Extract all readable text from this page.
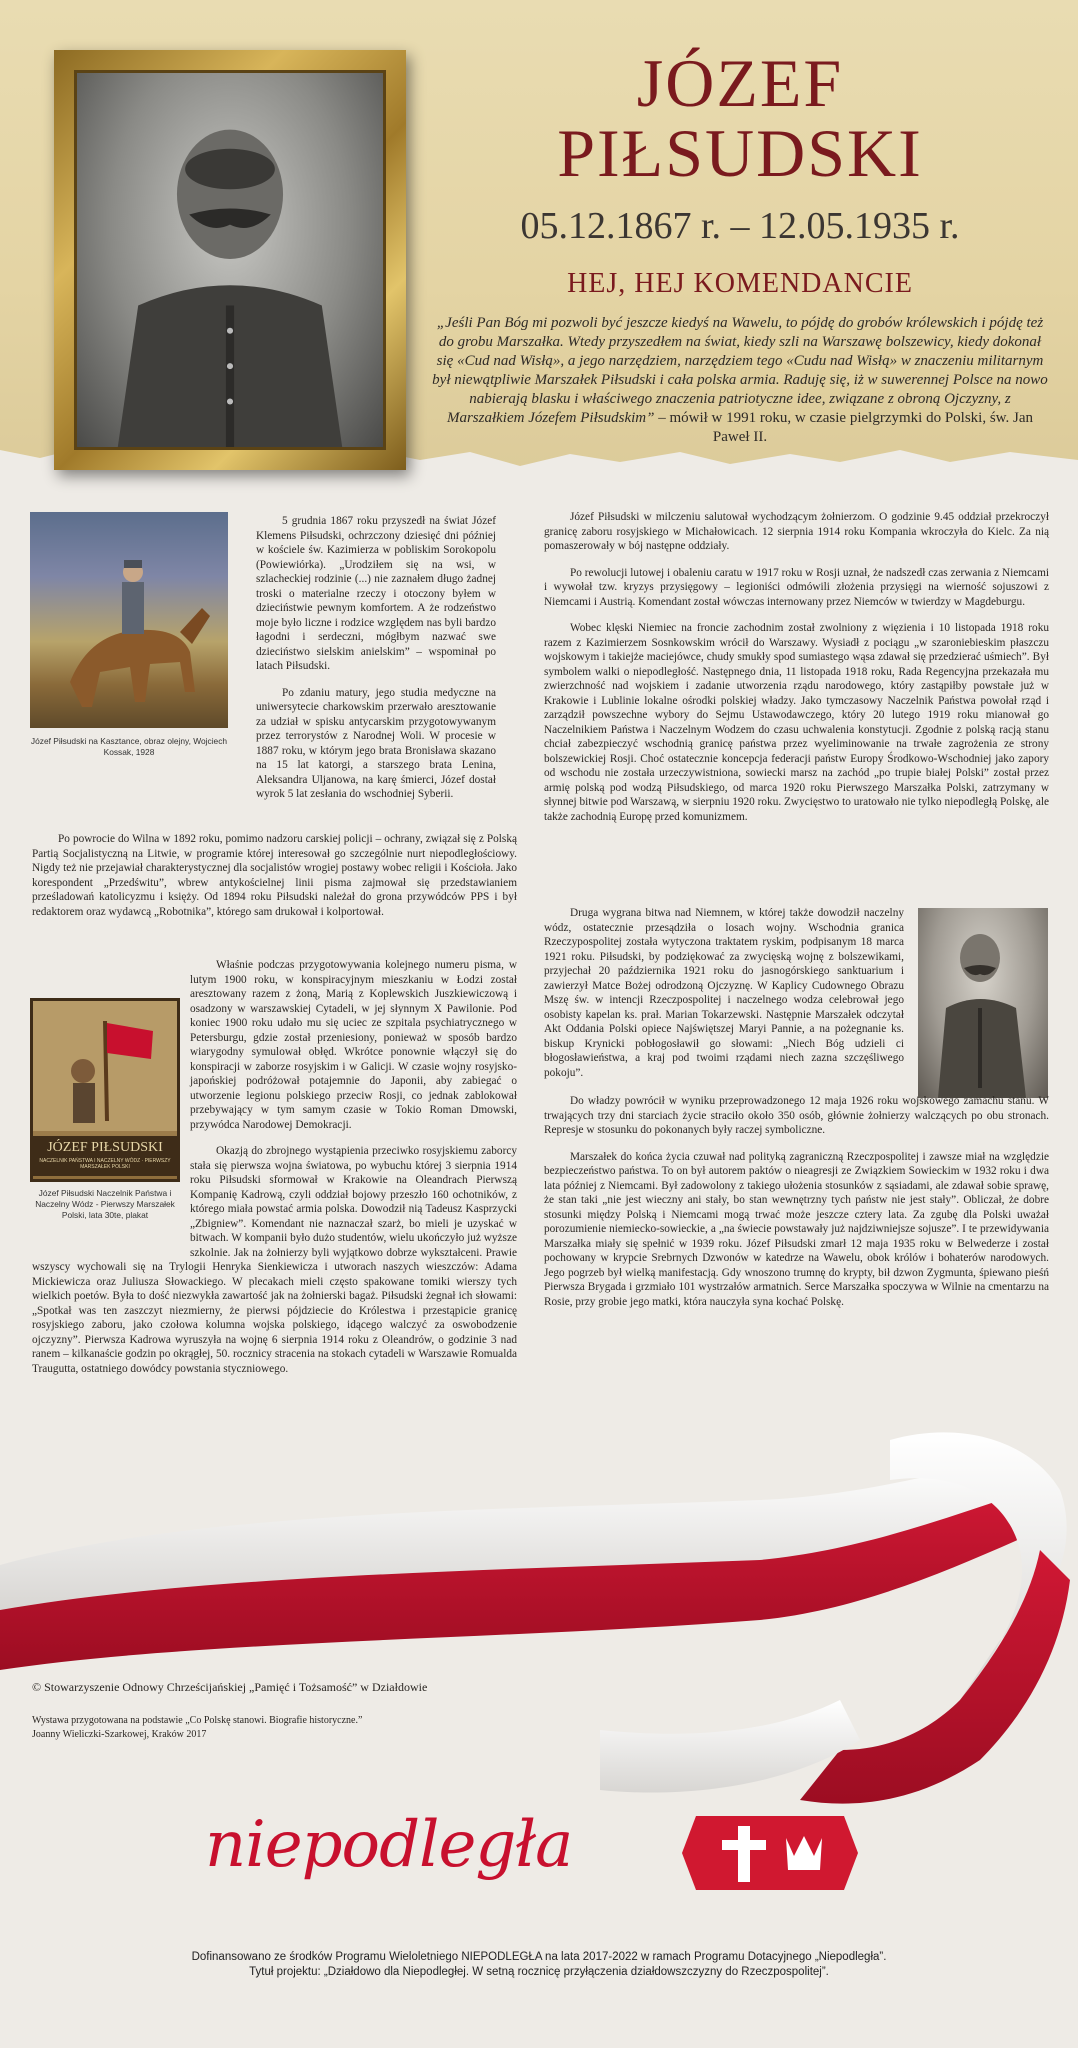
JÓZEF
PIŁSUDSKI
05.12.1867 r. – 12.05.1935 r.
HEJ, HEJ KOMENDANCIE
„Jeśli Pan Bóg mi pozwoli być jeszcze kiedyś na Wawelu, to pójdę do grobów królewskich i pójdę też do grobu Marszałka. Wtedy przyszedłem na świat, kiedy szli na Warszawę bolszewicy, kiedy dokonał się «Cud nad Wisłą», a jego narzędziem, narzędziem tego «Cudu nad Wisłą» w znaczeniu militarnym był niewątpliwie Marszałek Piłsudski i cała polska armia. Raduję się, iż w suwerennej Polsce na nowo nabierają blasku i właściwego znaczenia patriotyczne idee, związane z obroną Ojczyzny, z Marszałkiem Józefem Piłsudskim” – mówił w 1991 roku, w czasie pielgrzymki do Polski, św. Jan Paweł II.
Józef Piłsudski na Kasztance, obraz olejny, Wojciech Kossak, 1928

5 grudnia 1867 roku przyszedł na świat Józef Klemens Piłsudski, ochrzczony dziesięć dni później w kościele św. Kazimierza w pobliskim Sorokopolu (Powiewiórka). „Urodziłem się na wsi, w szlacheckiej rodzinie (...) nie zaznałem długo żadnej troski o materialne rzeczy i otoczony byłem w dzieciństwie pewnym komfortem. A że rodzeństwo moje było liczne i rodzice względem nas byli bardzo łagodni i serdeczni, mógłbym nazwać swe dzieciństwo sielskim anielskim” – wspominał po latach Piłsudski.

Po zdaniu matury, jego studia medyczne na uniwersytecie charkowskim przerwało aresztowanie za udział w spisku antycarskim przygotowywanym przez terrorystów z Narodnej Woli. W procesie w 1887 roku, w którym jego brata Bronisława skazano na 15 lat katorgi, a starszego brata Lenina, Aleksandra Uljanowa, na karę śmierci, Józef dostał wyrok 5 lat zesłania do wschodniej Syberii.

Po powrocie do Wilna w 1892 roku, pomimo nadzoru carskiej policji – ochrany, związał się z Polską Partią Socjalistyczną na Litwie, w programie której interesował go szczególnie nurt niepodległościowy. Nigdy też nie przejawiał charakterystycznej dla socjalistów wrogiej postawy wobec religii i Kościoła. Jako korespondent „Przedświtu”, wbrew antykościelnej linii pisma zajmował się przedstawianiem prześladowań katolicyzmu i księży. Od 1894 roku Piłsudski należał do grona przywódców PPS i był redaktorem oraz wydawcą „Robotnika”, którego sam drukował i kolportował.

JÓZEF PIŁSUDSKI
NACZELNIK PAŃSTWA I NACZELNY WÓDZ · PIERWSZY MARSZAŁEK POLSKI
Józef Piłsudski Naczelnik Państwa i Naczelny Wódz - Pierwszy Marszałek Polski, lata 30te, plakat

Właśnie podczas przygotowywania kolejnego numeru pisma, w lutym 1900 roku, w konspiracyjnym mieszkaniu w Łodzi został aresztowany razem z żoną, Marią z Koplewskich Juszkiewiczową i osadzony w warszawskiej Cytadeli, w jej słynnym X Pawilonie. Pod koniec 1900 roku udało mu się uciec ze szpitala psychiatrycznego w Petersburgu, gdzie został przeniesiony, ponieważ w sposób bardzo wiarygodny symulował obłęd. Wkrótce ponownie włączył się do konspiracji w zaborze rosyjskim i w Galicji. W czasie wojny rosyjsko-japońskiej podróżował potajemnie do Japonii, aby zabiegać o utworzenie legionu polskiego przeciw Rosji, co jednak zablokował przebywający w tym samym czasie w Tokio Roman Dmowski, przywódca Narodowej Demokracji.

Okazją do zbrojnego wystąpienia przeciwko rosyjskiemu zaborcy stała się pierwsza wojna światowa, po wybuchu której 3 sierpnia 1914 roku Piłsudski sformował w Krakowie na Oleandrach Pierwszą Kompanię Kadrową, czyli oddział bojowy przeszło 160 ochotników, z którego miała powstać armia polska. Dowodził nią Tadeusz Kasprzycki „Zbigniew”. Komendant nie naznaczał szarż, bo mieli je uzyskać w bitwach. W kompanii było dużo studentów, wielu ukończyło już wyższe szkolnie. Jak na żołnierzy byli wyjątkowo dobrze wykształceni. Prawie wszyscy wychowali się na Trylogii Henryka Sienkiewicza i utworach naszych wieszczów: Adama Mickiewicza oraz Juliusza Słowackiego. W plecakach mieli często spakowane tomiki wierszy tych wielkich poetów. Była to dość niezwykła zawartość jak na żołnierski bagaż. Piłsudski żegnał ich słowami: „Spotkał was ten zaszczyt niezmierny, że pierwsi pójdziecie do Królestwa i przestąpicie granicę rosyjskiego zaboru, jako czołowa kolumna wojska polskiego, idącego walczyć za oswobodzenie ojczyzny”. Pierwsza Kadrowa wyruszyła na wojnę 6 sierpnia 1914 roku z Oleandrów, o godzinie 3 nad ranem – kilkanaście godzin po okrągłej, 50. rocznicy stracenia na stokach cytadeli w Warszawie Romualda Traugutta, ostatniego dowódcy powstania styczniowego.

Józef Piłsudski w milczeniu salutował wychodzącym żołnierzom. O godzinie 9.45 oddział przekroczył granicę zaboru rosyjskiego w Michałowicach. 12 sierpnia 1914 roku Kompania wkroczyła do Kielc. Za nią pomaszerowały w bój następne oddziały.

Po rewolucji lutowej i obaleniu caratu w 1917 roku w Rosji uznał, że nadszedł czas zerwania z Niemcami i wywołał tzw. kryzys przysięgowy – legioniści odmówili złożenia przysięgi na wierność sojuszowi z Niemcami i Austrią. Komendant został wówczas internowany przez Niemców w twierdzy w Magdeburgu.

Wobec klęski Niemiec na froncie zachodnim został zwolniony z więzienia i 10 listopada 1918 roku razem z Kazimierzem Sosnkowskim wrócił do Warszawy. Wysiadł z pociągu „w szaroniebieskim płaszczu wojskowym i takiejże maciejówce, chudy smukły spod sumiastego wąsa zdawał się przedzierać uśmiech”. Był symbolem walki o niepodległość. Następnego dnia, 11 listopada 1918 roku, Rada Regencyjna przekazała mu zwierzchność nad wojskiem i zadanie utworzenia rządu narodowego, który zastąpiłby powstałe już w Krakowie i Lublinie lokalne ośrodki polskiej władzy. Jako tymczasowy Naczelnik Państwa powołał rząd i zarządził powszechne wybory do Sejmu Ustawodawczego, który 20 lutego 1919 roku mianował go Naczelnikiem Państwa i Naczelnym Wodzem do czasu uchwalenia konstytucji. Zgodnie z polską racją stanu chciał zabezpieczyć wschodnią granicę państwa przez wyeliminowanie na trwałe zagrożenia ze strony bolszewickiej Rosji. Choć ostatecznie koncepcja federacji państw Europy Środkowo-Wschodniej jako zapory od wschodu nie została urzeczywistniona, sowiecki marsz na zachód „po trupie białej Polski” został przez armię polską pod wodzą Piłsudskiego, od marca 1920 roku Pierwszego Marszałka Polski, zatrzymany w słynnej bitwie pod Warszawą, w sierpniu 1920 roku. Zwycięstwo to uratowało nie tylko niepodległą Polskę, ale także zachodnią Europę przed komunizmem.

Druga wygrana bitwa nad Niemnem, w której także dowodził naczelny wódz, ostatecznie przesądziła o losach wojny. Wschodnia granica Rzeczypospolitej została wytyczona traktatem ryskim, podpisanym 18 marca 1921 roku. Piłsudski, by podziękować za zwycięską wojnę z bolszewikami, przyjechał 20 października 1921 roku do jasnogórskiego sanktuarium i zawierzył Matce Bożej odrodzoną Ojczyznę. W Kaplicy Cudownego Obrazu Mszę św. w intencji Rzeczpospolitej i naczelnego wodza celebrował jego osobisty kapelan ks. prał. Marian Tokarzewski. Następnie Marszałek odczytał Akt Oddania Polski opiece Najświętszej Maryi Pannie, a na pożegnanie ks. biskup Krynicki pobłogosławił go słowami: „Niech Bóg udzieli ci błogosławieństwa, a kraj pod twoimi rządami niech zazna szczęśliwego pokoju”.

Do władzy powrócił w wyniku przeprowadzonego 12 maja 1926 roku wojskowego zamachu stanu. W trwających trzy dni starciach życie straciło około 350 osób, głównie żołnierzy walczących po obu stronach. Represje w stosunku do pokonanych były raczej symboliczne.

Marszałek do końca życia czuwał nad polityką zagraniczną Rzeczpospolitej i zawsze miał na względzie bezpieczeństwo państwa. To on był autorem paktów o nieagresji ze Związkiem Sowieckim w 1932 roku i dwa lata później z Niemcami. Był zadowolony z takiego ułożenia stosunków z sąsiadami, ale zdawał sobie sprawę, że stan taki „nie jest wieczny ani stały, bo stan wewnętrzny tych państw nie jest stały”. Obliczał, że dobre stosunki między Polską i Niemcami mogą trwać może jeszcze cztery lata. Za zgubę dla Polski uważał porozumienie niemiecko-sowieckie, a „na świecie powstawały już najdziwniejsze sojusze”. I te przewidywania Marszałka miały się spełnić w 1939 roku. Józef Piłsudski zmarł 12 maja 1935 roku w Belwederze i został pochowany w krypcie Srebrnych Dzwonów w katedrze na Wawelu, obok królów i bohaterów narodowych. Jego pogrzeb był wielką manifestacją. Gdy wnoszono trumnę do krypty, bił dzwon Zygmunta, śpiewano pieśń Pierwsza Brygada i grzmiało 101 wystrzałów armatnich. Serce Marszałka spoczywa w Wilnie na cmentarzu na Rosie, przy grobie jego matki, która nauczyła syna kochać Polskę.

© Stowarzyszenie Odnowy Chrześcijańskiej „Pamięć i Tożsamość” w Działdowie
Wystawa przygotowana na podstawie „Co Polskę stanowi. Biografie historyczne.”
Joanny Wieliczki-Szarkowej, Kraków 2017
niepodległa
Dofinansowano ze środków Programu Wieloletniego NIEPODLEGŁA na lata 2017-2022 w ramach Programu Dotacyjnego „Niepodległa”.
Tytuł projektu: „Działdowo dla Niepodległej. W setną rocznicę przyłączenia działdowszczyzny do Rzeczpospolitej”.
